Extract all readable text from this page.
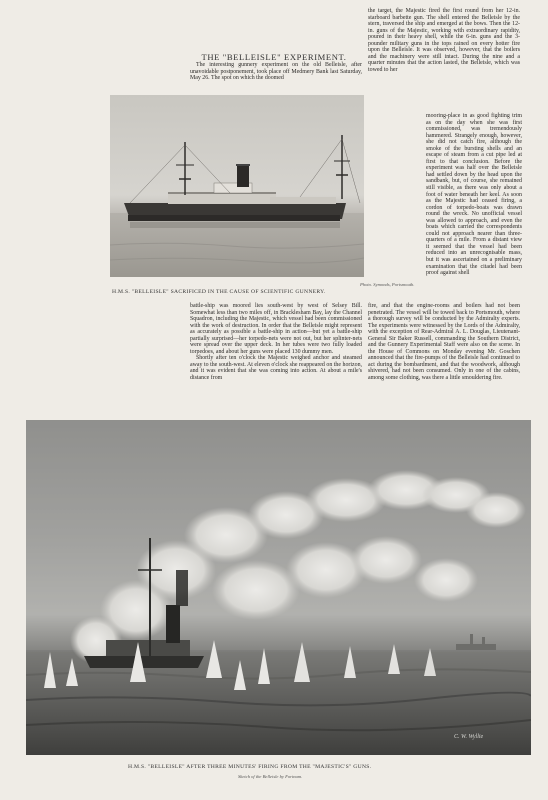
THE "BELLEISLE" EXPERIMENT.

The interesting gunnery experiment on the old Belleisle, after unavoidable postponement, took place off Medmery Bank last Saturday, May 26. The spot on which the doomed

the target, the Majestic fired the first round from her 12-in. starboard barbette gun. The shell entered the Belleisle by the stern, traversed the ship and emerged at the bows. Then the 12-in. guns of the Majestic, working with extraordinary rapidity, poured in their heavy shell, while the 6-in. guns and the 3-pounder military guns in the tops rained on every hotter fire upon the Belleisle. It was observed, however, that the boilers and the machinery were still intact. During the nine and a quarter minutes that the action lasted, the Belleisle, which was towed to her

mooring-place in as good fighting trim as on the day when she was first commissioned, was tremendously hammered. Strangely enough, however, she did not catch fire, although the smoke of the bursting shells and an escape of steam from a cut pipe led at first to that conclusion. Before the experiment was half over the Belleisle had settled down by the head upon the sandbank, but, of course, she remained still visible, as there was only about a foot of water beneath her keel. As soon as the Majestic had ceased firing, a cordon of torpedo-boats was drawn round the wreck. No unofficial vessel was allowed to approach, and even the boats which carried the correspondents could not approach nearer than three-quarters of a mile. From a distant view it seemed that the vessel had been reduced into an unrecognisable mass, but it was ascertained on a preliminary examination that the citadel had been proof against shell

Photo. Symonds, Portsmouth.
H.M.S. "BELLEISLE" SACRIFICED IN THE CAUSE OF SCIENTIFIC GUNNERY.

battle-ship was moored lies south-west by west of Selsey Bill. Somewhat less than two miles off, in Bracklesham Bay, lay the Channel Squadron, including the Majestic, which vessel had been commissioned with the work of destruction. In order that the Belleisle might represent as accurately as possible a battle-ship in action—but yet a battle-ship partially surprised—her torpedo-nets were not out, but her splinter-nets were spread over the upper deck. In her tubes were two fully loaded torpedoes, and about her guns were placed 130 dummy men.

Shortly after ten o'clock the Majestic weighed anchor and steamed away to the south-west. At eleven o'clock she reappeared on the horizon, and it was evident that she was coming into action. At about a mile's distance from

fire, and that the engine-rooms and boilers had not been penetrated. The vessel will be towed back to Portsmouth, where a thorough survey will be conducted by the Admiralty experts. The experiments were witnessed by the Lords of the Admiralty, with the exception of Rear-Admiral A. L. Douglas, Lieutenant-General Sir Baker Russell, commanding the Southern District, and the Gunnery Experimental Staff were also on the scene. In the House of Commons on Monday evening Mr. Goschen announced that the fire-pumps of the Belleisle had continued to act during the bombardment, and that the woodwork, although shivered, had not been consumed. Only in one of the cabins, among some clothing, was there a little smouldering fire.

C. W. Wyllie
H.M.S. "BELLEISLE" AFTER THREE MINUTES' FIRING FROM THE "MAJESTIC'S" GUNS.
Sketch of the Belleisle by Fortnum.
